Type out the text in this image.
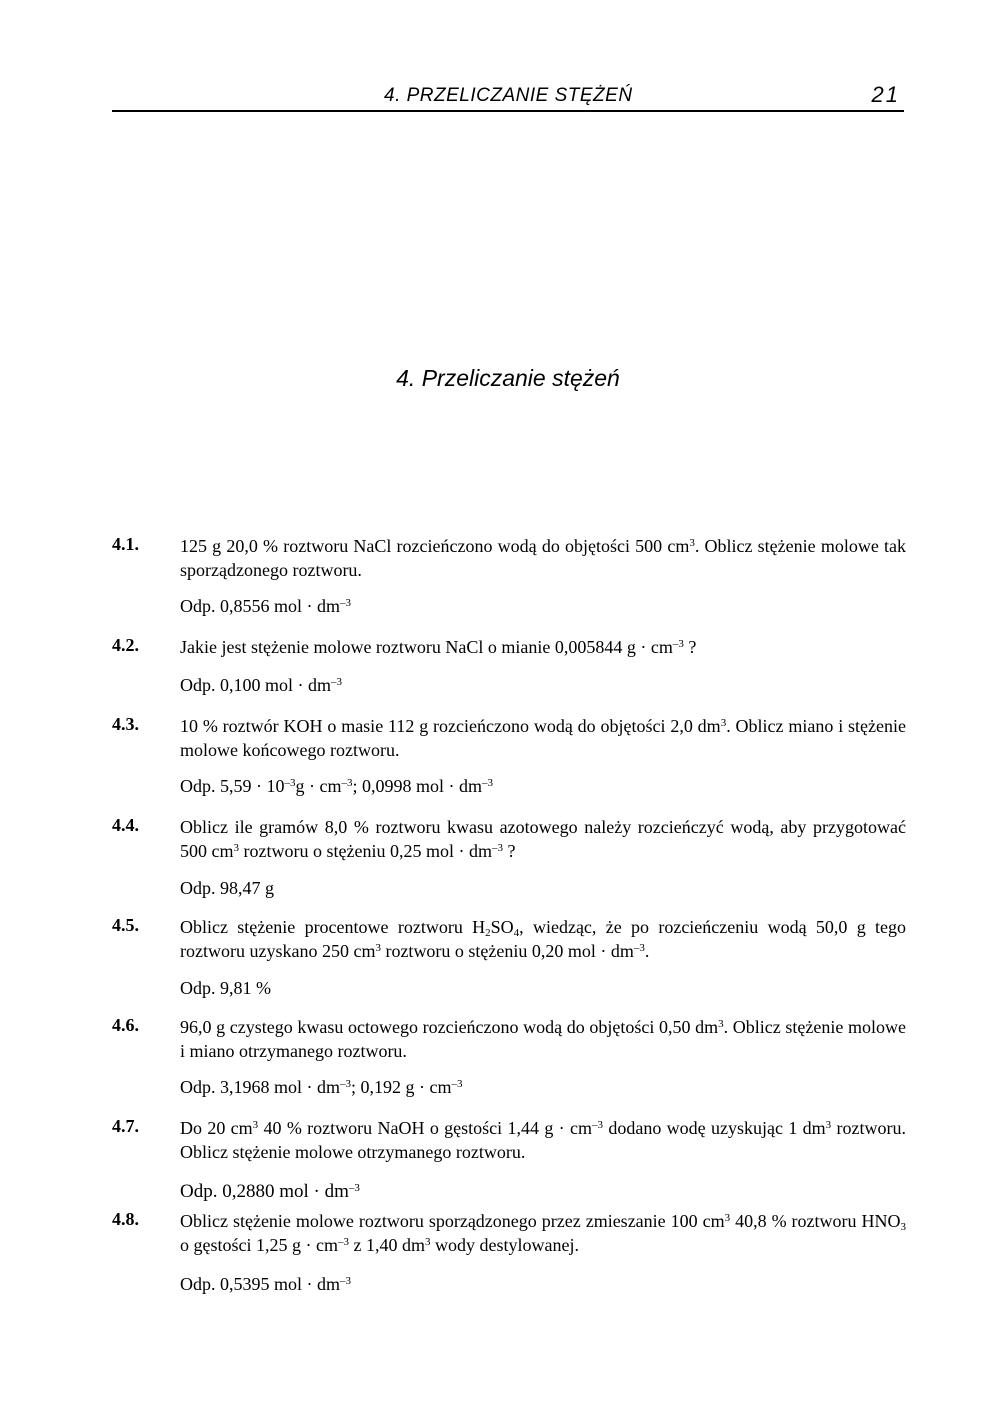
4. PRZELICZANIE STĘŻEŃ	21
4. Przeliczanie stężeń
4.1. 125 g 20,0 % roztworu NaCl rozcieńczono wodą do objętości 500 $cm^3$. Oblicz stężenie molowe tak sporządzonego roztworu.

Odp. 0,8556 mol · $dm^{-3}$
4.2. Jakie jest stężenie molowe roztworu NaCl o mianie 0,005844 $g \cdot cm^{-3}$ ?

Odp. 0,100 mol · $dm^{-3}$
4.3. 10 % roztwór KOH o masie 112 g rozcieńczono wodą do objętości 2,0 $dm^3$. Oblicz miano i stężenie molowe końcowego roztworu.

Odp. $5,59 \cdot 10^{-3}g \cdot cm^{-3}$; 0,0998 mol · $dm^{-3}$
4.4. Oblicz ile gramów 8,0 % roztworu kwasu azotowego należy rozcieńczyć wodą, aby przygotować 500 $cm^3$ roztworu o stężeniu 0,25 mol · $dm^{-3}$ ?

Odp. 98,47 g
4.5. Oblicz stężenie procentowe roztworu $H_2SO_4$, wiedząc, że po rozcieńczeniu wodą 50,0 g tego roztworu uzyskano 250 $cm^3$ roztworu o stężeniu 0,20 mol · $dm^{-3}$.

Odp. 9,81 %
4.6. 96,0 g czystego kwasu octowego rozcieńczono wodą do objętości 0,50 $dm^3$. Oblicz stężenie molowe i miano otrzymanego roztworu.

Odp. 3,1968 mol · $dm^{-3}$; 0,192 $g \cdot cm^{-3}$
4.7. Do 20 $cm^3$ 40 % roztworu NaOH o gęstości 1,44 $g \cdot cm^{-3}$ dodano wodę uzyskując 1 $dm^3$ roztworu. Oblicz stężenie molowe otrzymanego roztworu.

Odp. 0,2880 mol · $dm^{-3}$
4.8. Oblicz stężenie molowe roztworu sporządzonego przez zmieszanie 100 $cm^3$ 40,8 % roztworu $HNO_3$ o gęstości 1,25 $g \cdot cm^{-3}$ z 1,40 $dm^3$ wody destylowanej.

Odp. 0,5395 mol · $dm^{-3}$
